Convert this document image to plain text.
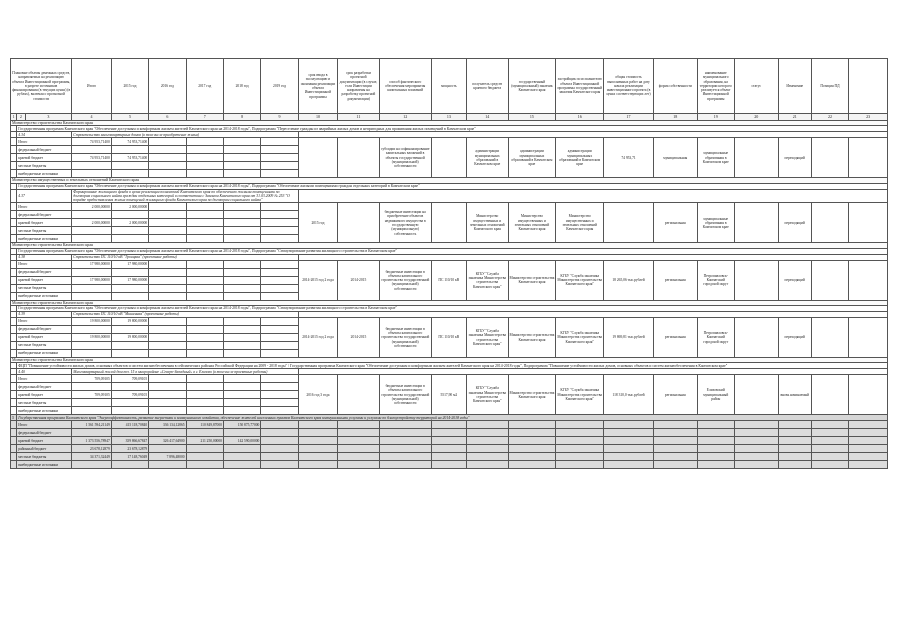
Плановые объемы денежных средств, направляемых на реализацию объекта Инвестиционной программы, в разрезе источников финансирования (в текущих ценах) (в рублях), включая о прогнозной стоимости			Итого	2015 год	2016 год	2017 год	2018 год	2019 год	срок ввода в эксплуатацию и окончания реализации объекта Инвестиционной программы	срок разработки проектной документации (в случае, если Инвестиции направлены на разработку проектной документации)	способ фактического обеспечения мероприятия капитальных вложений	мощность	получатель средств краевого бюджета	государственный (муниципальный) заказчик Камчатского края	застройщик по исполнителю объекта Инвестиционной программы государственный заказчик Камчатского края	общая стоимость выполненных работ на дату начала реализации инвестиционного проекта (в ценах соответствующих лет)	форма собственности	наименование муниципального образования, на территории которого реализуется объект Инвестиционной программы	статус	Изменение	Позиция ПД	
1	2	3	4	5	6	7	8	9	10	11	12	13	14	15	16	17	18	19	20	21	22	23
Министерство строительства Камчатского края																						
	Государственная программа Камчатского края "Обеспечение доступным и комфортным жильем жителей Камчатского края на 2014-2018 годы", Подпрограмма "Переселение граждан из аварийных жилых домов и непригодных для проживания жилых помещений в Камчатском крае"																					
	4.34		Строительство многоквартирных домов (в том числе приобретение жилья)																			
	Итого		74 953,71400	74 953,71400							субсидии на софинансирование капитальных вложений в объекты государственной (муниципальной) собственности		администрации муниципальных образований в Камчатском крае	администрации муниципальных образований в Камчатском крае	администрации муниципальных образований в Камчатском крае	74 953,71	муниципальная	муниципальные образования в Камчатском крае		переходящий		
	федеральный бюджет																					
	краевой бюджет		74 953,71400	74 953,71400																		
	местные бюджеты																					
	внебюджетные источники																					
Министерство имущественных и земельных отношений Камчатского края																						
	Государственная программа Камчатского края "Обеспечение доступным и комфортным жильем жителей Камчатского края на 2014-2018 годы", Подпрограмма "Обеспечение жилыми помещениями граждан отдельных категорий в Камчатском крае"																					
	4.37		Формирование жилищного фонда в целях реализации полномочий Камчатского края по обеспечению жилыми помещениями по договорам социального найма граждан отдельных категорий в соответствии с Законом Камчатского края от 31.03.2009 № 253 "О порядке предоставления жилых помещений жилищного фонда Камчатского края по договорам социального найма"																			
	Итого		2 000,00000	2 000,00000					2015 год		бюджетные инвестиции на приобретение объектов недвижимого имущества в государственную (муниципальную) собственность		Министерство имущественных и земельных отношений Камчатского края	Министерство имущественных и земельных отношений Камчатского края	Министерство имущественных и земельных отношений Камчатского края		региональная	муниципальные образования в Камчатском крае		переходящий		
	федеральный бюджет																					
	краевой бюджет		2 000,00000	2 000,00000																		
	местные бюджеты																					
	внебюджетные источники																					
Министерство строительства Камчатского края																						
	Государственная программа Камчатского края "Обеспечение доступным и комфортным жильем жителей Камчатского края на 2014-2018 годы", Подпрограмма "Стимулирование развития жилищного строительства в Камчатском крае"																					
	4.38		Строительство ПС 110/10 кВ "Троицкая" (проектные работы)																			
	Итого		17 980,00000	17 980,00000					2014-2015 год 2 года	2014-2015	бюджетные инвестиции в объекты капитального строительства государственной (муниципальной) собственности	ПС 110/10 кВ	КГБУ "Служба заказчика Министерства строительства Камчатского края"	Министерство строительства Камчатского края	КГБУ "Служба заказчика Министерства строительства Камчатского края"	18 265,06 тыс.рублей	региональная	Петропавловск-Камчатский городской округ		переходящий		
	федеральный бюджет																					
	краевой бюджет		17 980,00000	17 980,00000																		
	местные бюджеты																					
	внебюджетные источники																					
Министерство строительства Камчатского края																						
	Государственная программа Камчатского края "Обеспечение доступным и комфортным жильем жителей Камчатского края на 2014-2018 годы", Подпрограмма "Стимулирование развития жилищного строительства в Камчатском крае"																					
	4.39		Строительство ПС 110/10 кВ "Мишенная" (проектные работы)																			
	Итого		19 800,00000	19 800,00000					2014-2015 год 2 года	2014-2015	бюджетные инвестиции в объекты капитального строительства государственной (муниципальной) собственности	ПС 110/10 кВ	КГБУ "Служба заказчика Министерства строительства Камчатского края"	Министерство строительства Камчатского края	КГБУ "Служба заказчика Министерства строительства Камчатского края"	19 869,81 тыс.рублей	региональная	Петропавловск-Камчатский городской округ		переходящий		
	федеральный бюджет																					
	краевой бюджет		19 800,00000	19 800,00000																		
	местные бюджеты																					
	внебюджетные источники																					
Министерство строительства Камчатского края																						
	ФЦП "Повышение устойчивости жилых домов, основных объектов и систем жизнеобеспечения в сейсмических районах Российской Федерации на 2009 - 2018 годы" / Государственная программа Камчатского края "Обеспечение доступным и комфортным жильем жителей Камчатского края на 2014-2018 годы", Подпрограмма "Повышение устойчивости жилых домов, основных объектов и систем жизнеобеспечения в Камчатском крае"																					
	4.40		Многоквартирный жилой дом поз. 15 в микрорайоне «Северо-Западный» в г. Елизово (в том числе проектные работы)																			
	Итого		709,09105	709,09105					2016 год 3 года		бюджетные инвестиции в объекты капитального строительства государственной (муниципальной) собственности	5517,90 м2	КГБУ "Служба заказчика Министерства строительства Камчатского края"	Министерство строительства Камчатского края	КГБУ "Служба заказчика Министерства строительства Камчатского края"	118 310,0 тыс.рублей	региональная	Елизовский муниципальный район		вновь начинаемый		
	федеральный бюджет																					
	краевой бюджет		709,09105	709,09105																		
	местные бюджеты																					
	внебюджетные источники																					
5	Государственная программа Камчатского края "Энергоэффективность, развитие энергетики и коммунального хозяйства, обеспечение жителей населенных пунктов Камчатского края коммунальными услугами и услугами по благоустройству территорий на 2014-2018 годы"																					
	Итого		1 561 594,21149	415 118,70840	336 134,12865	110 849,87000	150 875,77000															
	федеральный бюджет																					
	краевой бюджет		1 373 556,78947	359 866,67847	326 417,64900	211 250,00000	142 590,00000															
	районный бюджет		23 678,12879	23 678,12879																		
	местные бюджеты		34 371,32449	17 148,76049	7 896,48000																	
	внебюджетные источники																					
